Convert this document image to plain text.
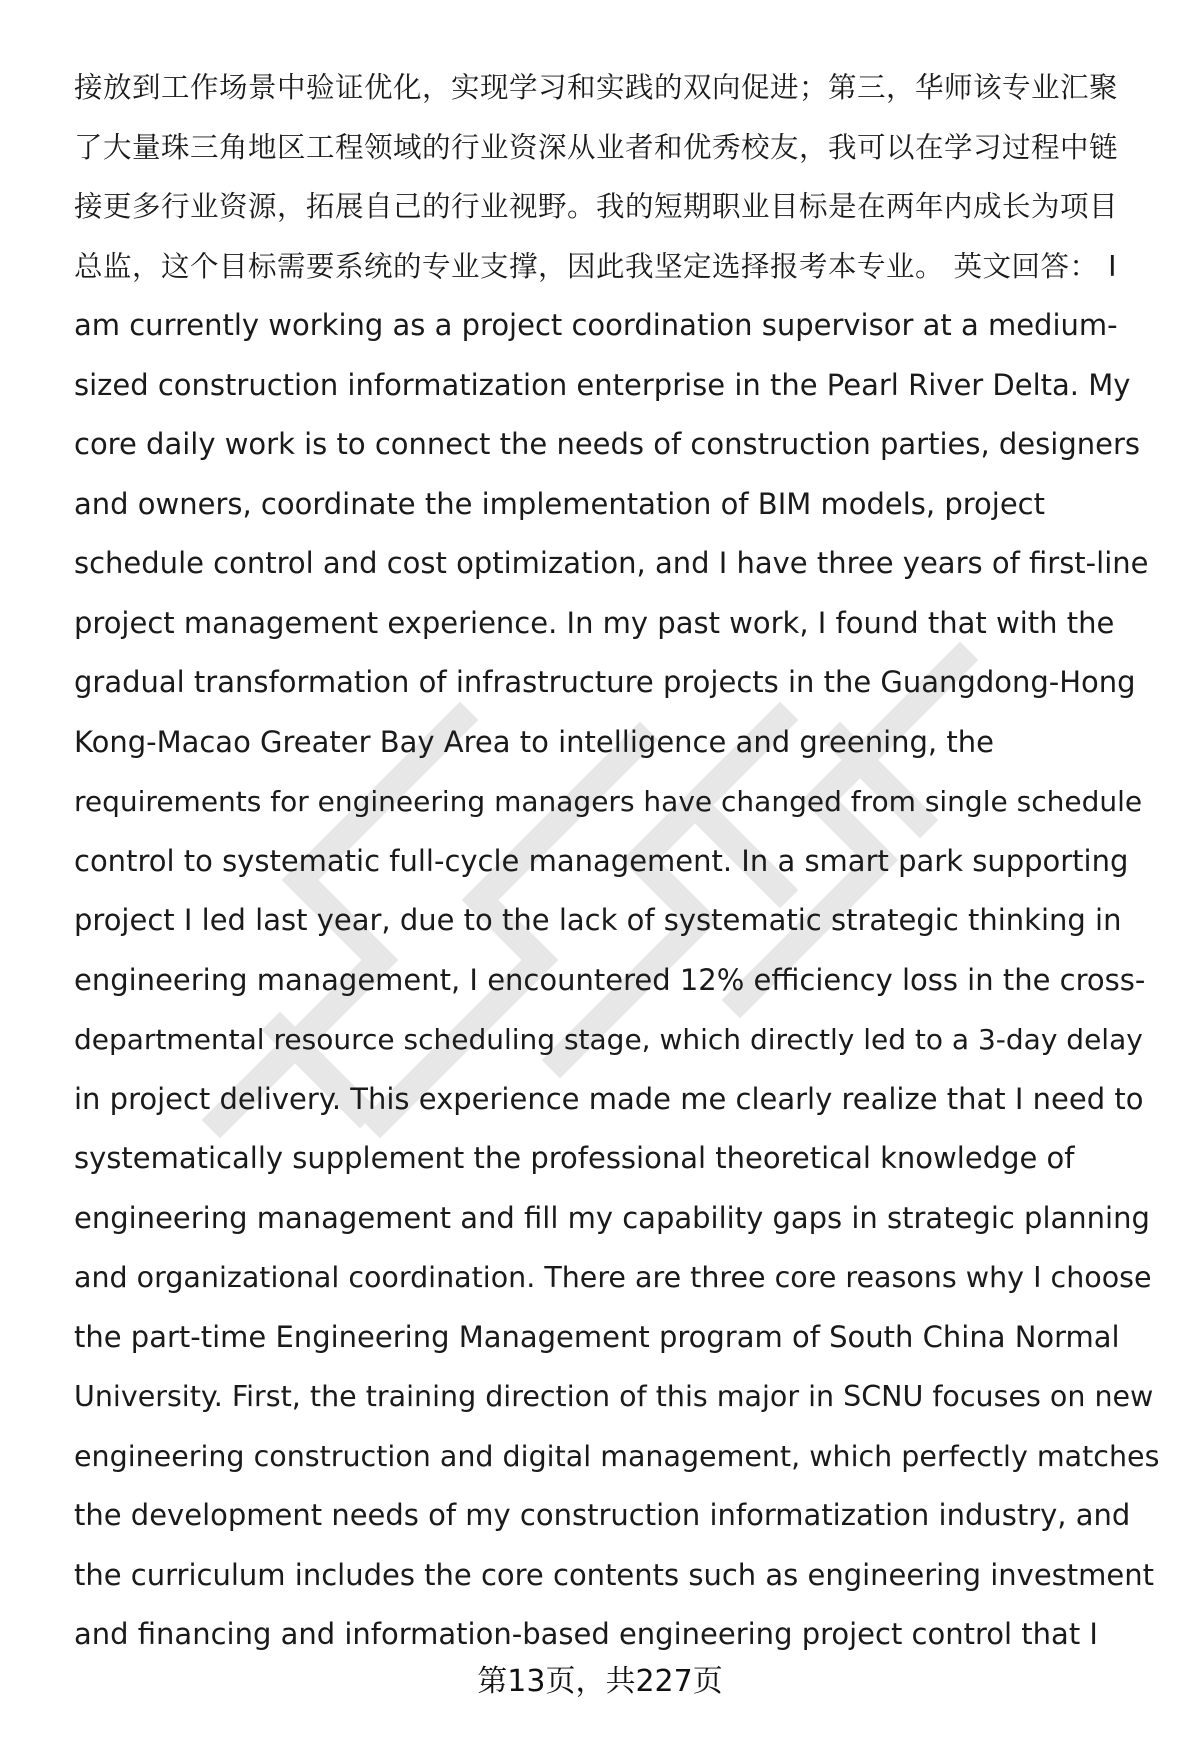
接放到工作场景中验证优化，实现学习和实践的双向促进；第三，华师该专业汇聚
了大量珠三角地区工程领域的行业资深从业者和优秀校友，我可以在学习过程中链
接更多行业资源，拓展自己的行业视野。我的短期职业目标是在两年内成长为项目
总监，这个目标需要系统的专业支撑，因此我坚定选择报考本专业。 英文回答： I
am currently working as a project coordination supervisor at a medium-
sized construction informatization enterprise in the Pearl River Delta. My
core daily work is to connect the needs of construction parties, designers
and owners, coordinate the implementation of BIM models, project
schedule control and cost optimization, and I have three years of first-line
project management experience. In my past work, I found that with the
gradual transformation of infrastructure projects in the Guangdong-Hong
Kong-Macao Greater Bay Area to intelligence and greening, the
requirements for engineering managers have changed from single schedule
control to systematic full-cycle management. In a smart park supporting
project I led last year, due to the lack of systematic strategic thinking in
engineering management, I encountered 12% efficiency loss in the cross-
departmental resource scheduling stage, which directly led to a 3-day delay
in project delivery. This experience made me clearly realize that I need to
systematically supplement the professional theoretical knowledge of
engineering management and fill my capability gaps in strategic planning
and organizational coordination. There are three core reasons why I choose
the part-time Engineering Management program of South China Normal
University. First, the training direction of this major in SCNU focuses on new
engineering construction and digital management, which perfectly matches
the development needs of my construction informatization industry, and
the curriculum includes the core contents such as engineering investment
and financing and information-based engineering project control that I
第13页，共227页
